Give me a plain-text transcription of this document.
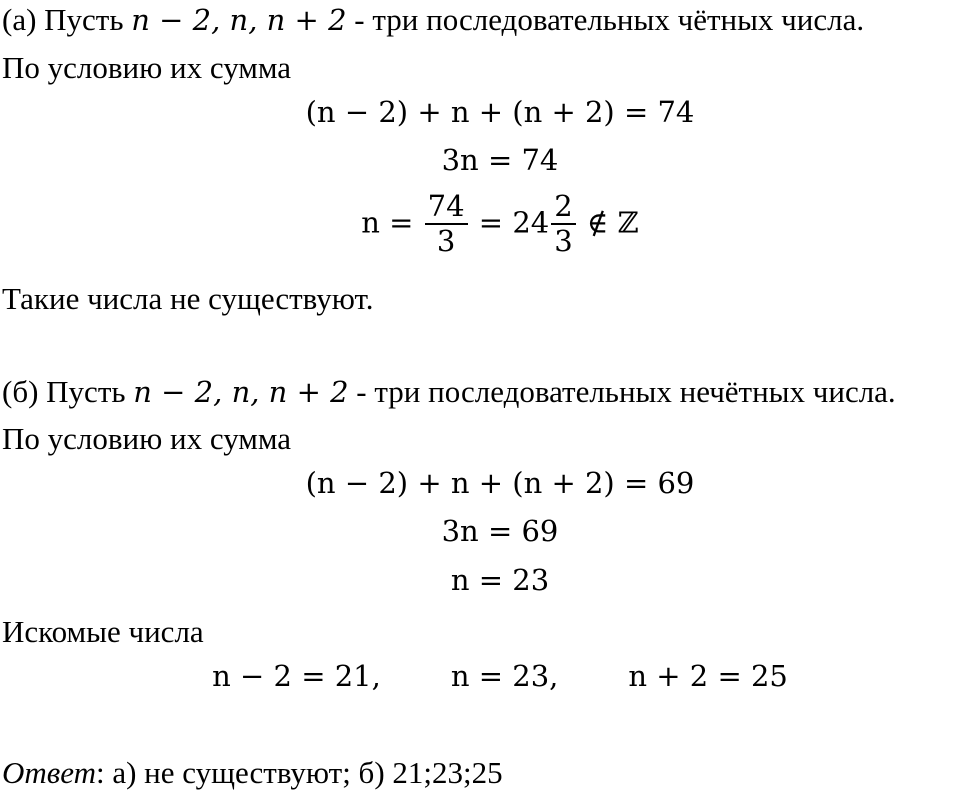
(а) Пусть n − 2, n, n + 2 - три последовательных чётных числа.
По условию их сумма
(n − 2) + n + (n + 2) = 74
3n = 74
$n = \frac{74}{3} = 24 \frac{2}{3}$ ∉ ℤ
Такие числа не существуют.
(б) Пусть n − 2, n, n + 2 - три последовательных нечётных числа.
По условию их сумма
(n − 2) + n + (n + 2) = 69
3n = 69
n = 23
Искомые числа
n − 2 = 21, n = 23, n + 2 = 25
Ответ: а) не существуют; б) 21;23;25
